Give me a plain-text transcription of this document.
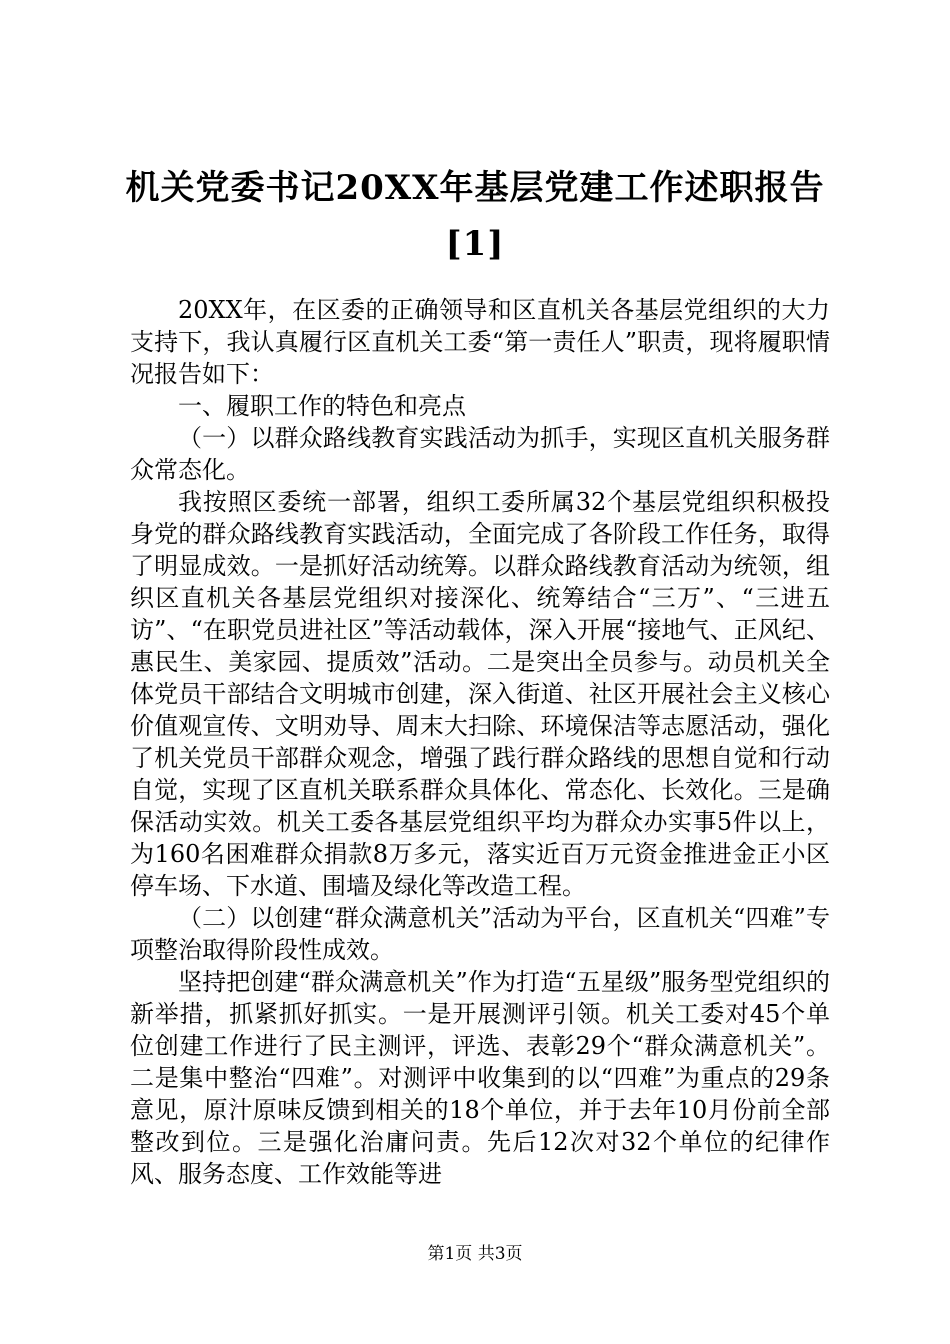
机关党委书记20XX年基层党建工作述职报告[1]

20XX年，在区委的正确领导和区直机关各基层党组织的大力支持下，我认真履行区直机关工委“第一责任人”职责，现将履职情况报告如下：

一、履职工作的特色和亮点

（一）以群众路线教育实践活动为抓手，实现区直机关服务群众常态化。

我按照区委统一部署，组织工委所属32个基层党组织积极投身党的群众路线教育实践活动，全面完成了各阶段工作任务，取得了明显成效。一是抓好活动统筹。以群众路线教育活动为统领，组织区直机关各基层党组织对接深化、统筹结合“三万”、“三进五访”、“在职党员进社区”等活动载体，深入开展“接地气、正风纪、惠民生、美家园、提质效”活动。二是突出全员参与。动员机关全体党员干部结合文明城市创建，深入街道、社区开展社会主义核心价值观宣传、文明劝导、周末大扫除、环境保洁等志愿活动，强化了机关党员干部群众观念，增强了践行群众路线的思想自觉和行动自觉，实现了区直机关联系群众具体化、常态化、长效化。三是确保活动实效。机关工委各基层党组织平均为群众办实事5件以上，为160名困难群众捐款8万多元，落实近百万元资金推进金正小区停车场、下水道、围墙及绿化等改造工程。

（二）以创建“群众满意机关”活动为平台，区直机关“四难”专项整治取得阶段性成效。

坚持把创建“群众满意机关”作为打造“五星级”服务型党组织的新举措，抓紧抓好抓实。一是开展测评引领。机关工委对45个单位创建工作进行了民主测评，评选、表彰29个“群众满意机关”。二是集中整治“四难”。对测评中收集到的以“四难”为重点的29条意见，原汁原味反馈到相关的18个单位，并于去年10月份前全部整改到位。三是强化治庸问责。先后12次对32个单位的纪律作风、服务态度、工作效能等进

第1页 共3页
